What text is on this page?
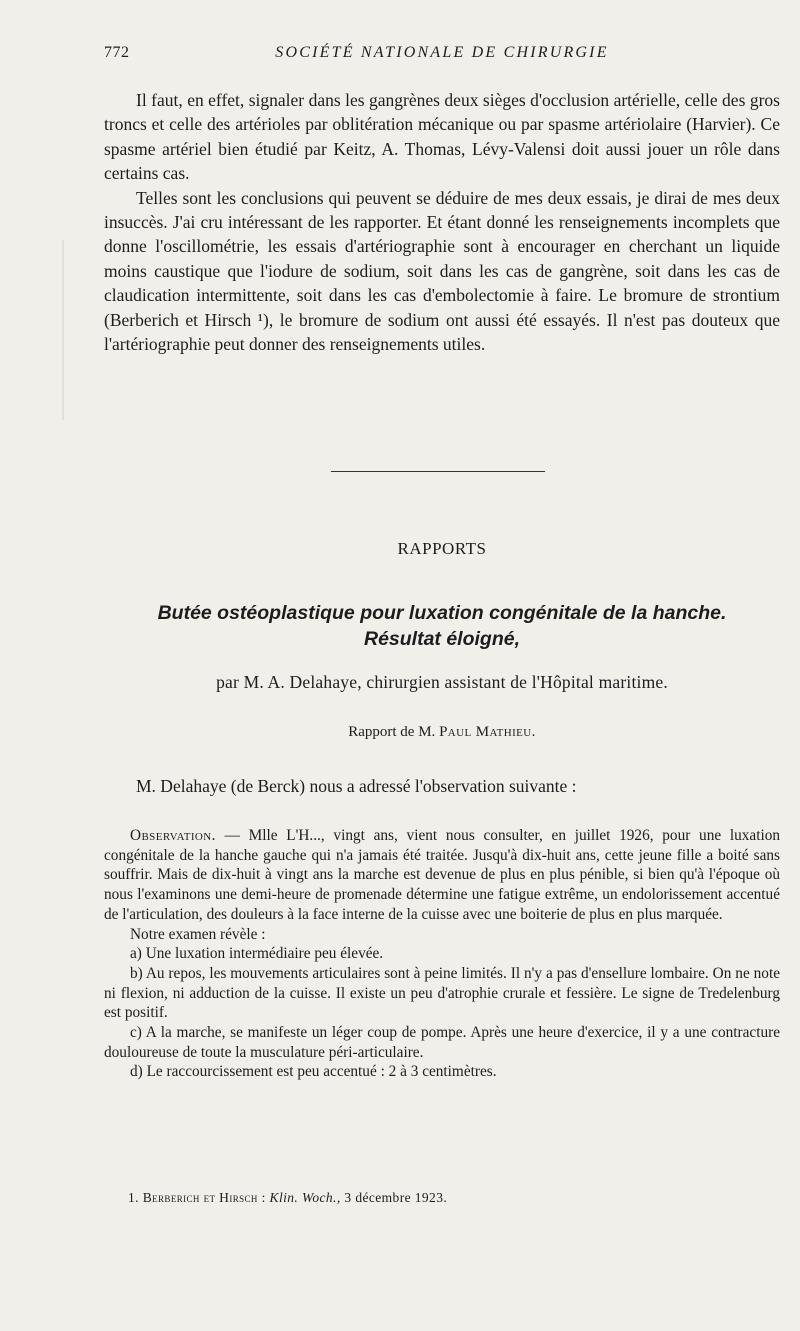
772	SOCIÉTÉ NATIONALE DE CHIRURGIE

Il faut, en effet, signaler dans les gangrènes deux sièges d'occlusion artérielle, celle des gros troncs et celle des artérioles par oblitération mécanique ou par spasme artériolaire (Harvier). Ce spasme artériel bien étudié par Keitz, A. Thomas, Lévy-Valensi doit aussi jouer un rôle dans certains cas.

Telles sont les conclusions qui peuvent se déduire de mes deux essais, je dirai de mes deux insuccès. J'ai cru intéressant de les rapporter. Et étant donné les renseignements incomplets que donne l'oscillométrie, les essais d'artériographie sont à encourager en cherchant un liquide moins caustique que l'iodure de sodium, soit dans les cas de gangrène, soit dans les cas de claudication intermittente, soit dans les cas d'embolectomie à faire. Le bromure de strontium (Berberich et Hirsch ¹), le bromure de sodium ont aussi été essayés. Il n'est pas douteux que l'artériographie peut donner des renseignements utiles.

RAPPORTS
Butée ostéoplastique pour luxation congénitale de la hanche.
Résultat éloigné,
par M. A. Delahaye, chirurgien assistant de l'Hôpital maritime.
Rapport de M. Paul Mathieu.
M. Delahaye (de Berck) nous a adressé l'observation suivante :

Observation. — Mlle L'H..., vingt ans, vient nous consulter, en juillet 1926, pour une luxation congénitale de la hanche gauche qui n'a jamais été traitée. Jusqu'à dix-huit ans, cette jeune fille a boité sans souffrir. Mais de dix-huit à vingt ans la marche est devenue de plus en plus pénible, si bien qu'à l'époque où nous l'examinons une demi-heure de promenade détermine une fatigue extrême, un endolorissement accentué de l'articulation, des douleurs à la face interne de la cuisse avec une boiterie de plus en plus marquée.

Notre examen révèle :

a) Une luxation intermédiaire peu élevée.

b) Au repos, les mouvements articulaires sont à peine limités. Il n'y a pas d'ensellure lombaire. On ne note ni flexion, ni adduction de la cuisse. Il existe un peu d'atrophie crurale et fessière. Le signe de Tredelenburg est positif.

c) A la marche, se manifeste un léger coup de pompe. Après une heure d'exercice, il y a une contracture douloureuse de toute la musculature péri-articulaire.

d) Le raccourcissement est peu accentué : 2 à 3 centimètres.

1. Berberich et Hirsch : Klin. Woch., 3 décembre 1923.
